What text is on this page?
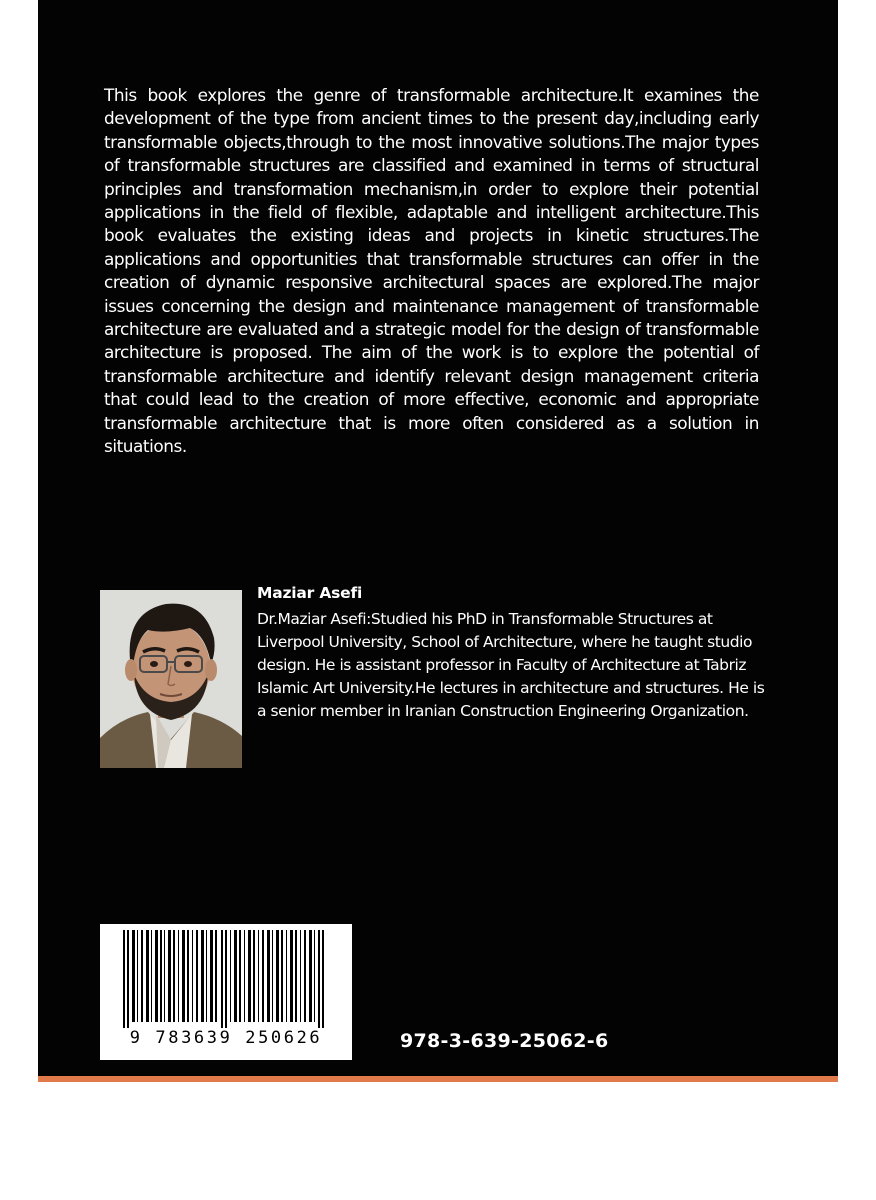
This book explores the genre of transformable architecture.It examines the development of the type from ancient times to the present day,including early transformable objects,through to the most innovative solutions.The major types of transformable structures are classified and examined in terms of structural principles and transformation mechanism,in order to explore their potential applications in the field of flexible, adaptable and intelligent architecture.This book evaluates the existing ideas and projects in kinetic structures.The applications and opportunities that transformable structures can offer in the creation of dynamic responsive architectural spaces are explored.The major issues concerning the design and maintenance management of transformable architecture are evaluated and a strategic model for the design of transformable architecture is proposed. The aim of the work is to explore the potential of transformable architecture and identify relevant design management criteria that could lead to the creation of more effective, economic and appropriate transformable architecture that is more often considered as a solution in situations.

Maziar Asefi

Dr.Maziar Asefi:Studied his PhD in Transformable Structures at Liverpool University, School of Architecture, where he taught studio design. He is assistant professor in Faculty of Architecture at Tabriz Islamic Art University.He lectures in architecture and structures. He is a senior member in Iranian Construction Engineering Organization.

9 783639 250626	978-3-639-25062-6
